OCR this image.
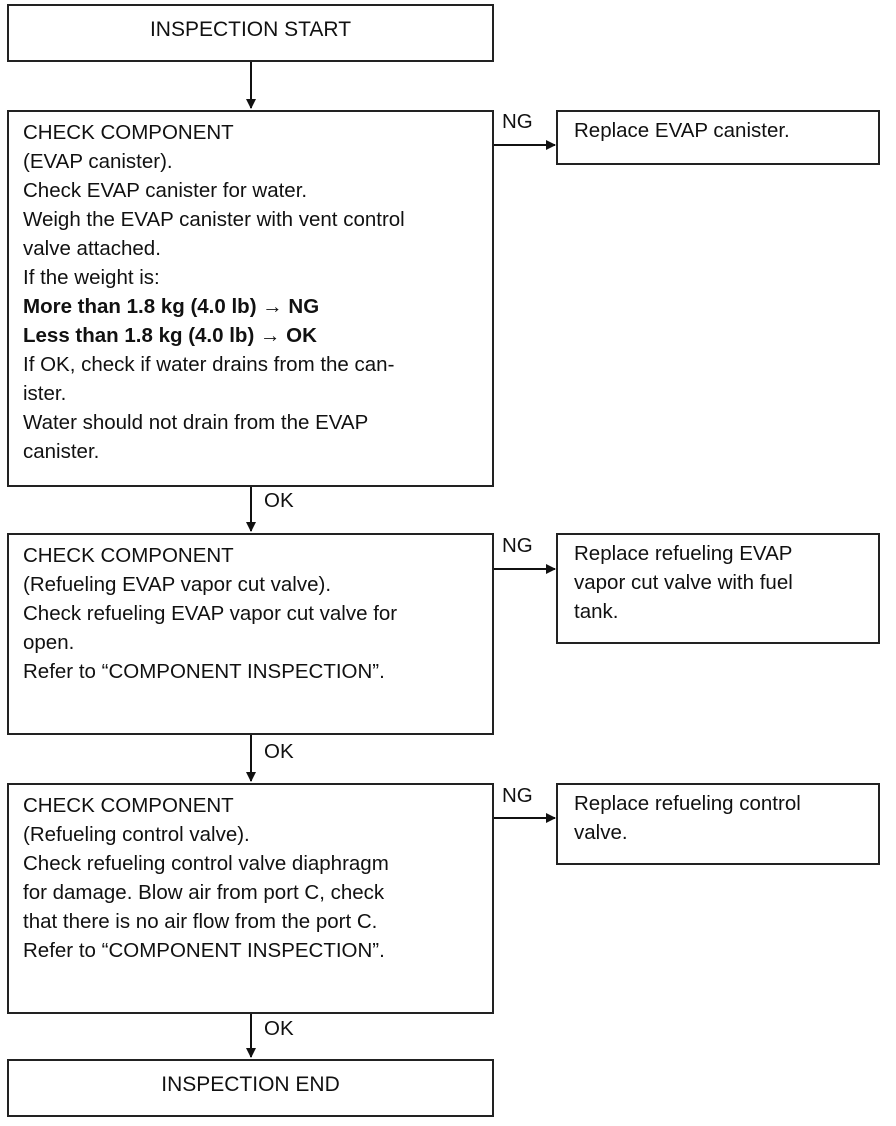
INSPECTION START
CHECK COMPONENT
(EVAP canister).
Check EVAP canister for water.
Weigh the EVAP canister with vent control
valve attached.
If the weight is:
More than 1.8 kg (4.0 lb) → NG
Less than 1.8 kg (4.0 lb) → OK
If OK, check if water drains from the can-
ister.
Water should not drain from the EVAP
canister.
NG Replace EVAP canister.
OK
CHECK COMPONENT
(Refueling EVAP vapor cut valve).
Check refueling EVAP vapor cut valve for
open.
Refer to “COMPONENT INSPECTION”.
NG Replace refueling EVAP
vapor cut valve with fuel
tank.
OK
CHECK COMPONENT
(Refueling control valve).
Check refueling control valve diaphragm
for damage. Blow air from port C, check
that there is no air flow from the port C.
Refer to “COMPONENT INSPECTION”.
NG Replace refueling control
valve.
OK
INSPECTION END
